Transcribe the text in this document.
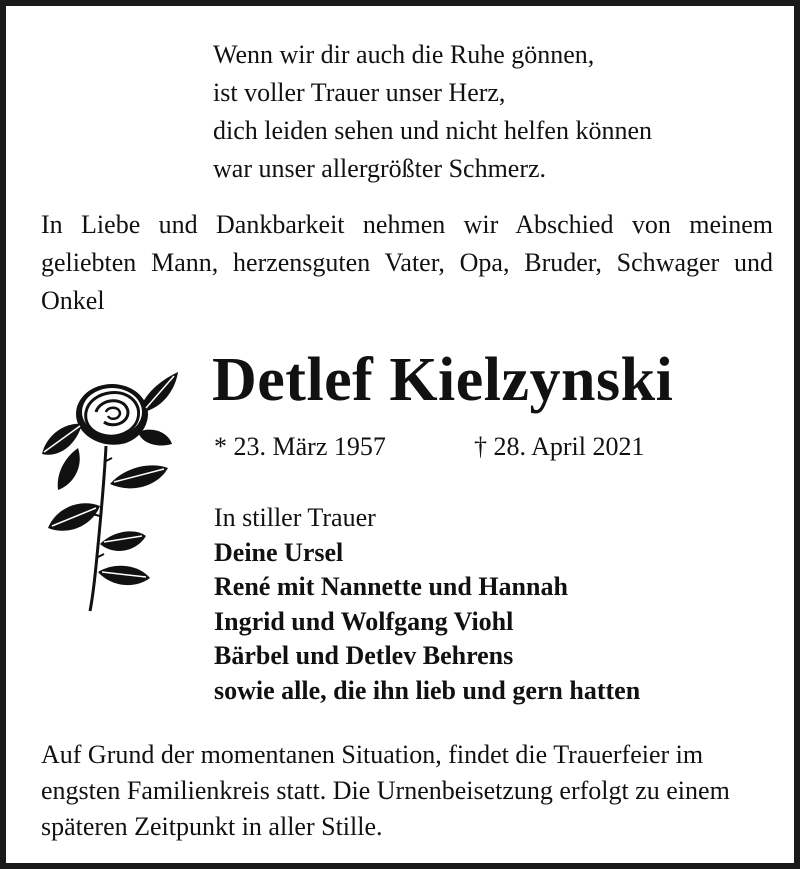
Wenn wir dir auch die Ruhe gönnen,
ist voller Trauer unser Herz,
dich leiden sehen und nicht helfen können
war unser allergrößter Schmerz.
In Liebe und Dankbarkeit nehmen wir Abschied von meinem geliebten Mann, herzensguten Vater, Opa, Bruder, Schwager und Onkel
Detlef Kielzynski
* 23. März 1957	† 28. April 2021
In stiller Trauer
Deine Ursel
René mit Nannette und Hannah
Ingrid und Wolfgang Viohl
Bärbel und Detlev Behrens
sowie alle, die ihn lieb und gern hatten
Auf Grund der momentanen Situation, findet die Trauerfeier im engsten Familienkreis statt. Die Urnenbeisetzung erfolgt zu einem späteren Zeitpunkt in aller Stille.
